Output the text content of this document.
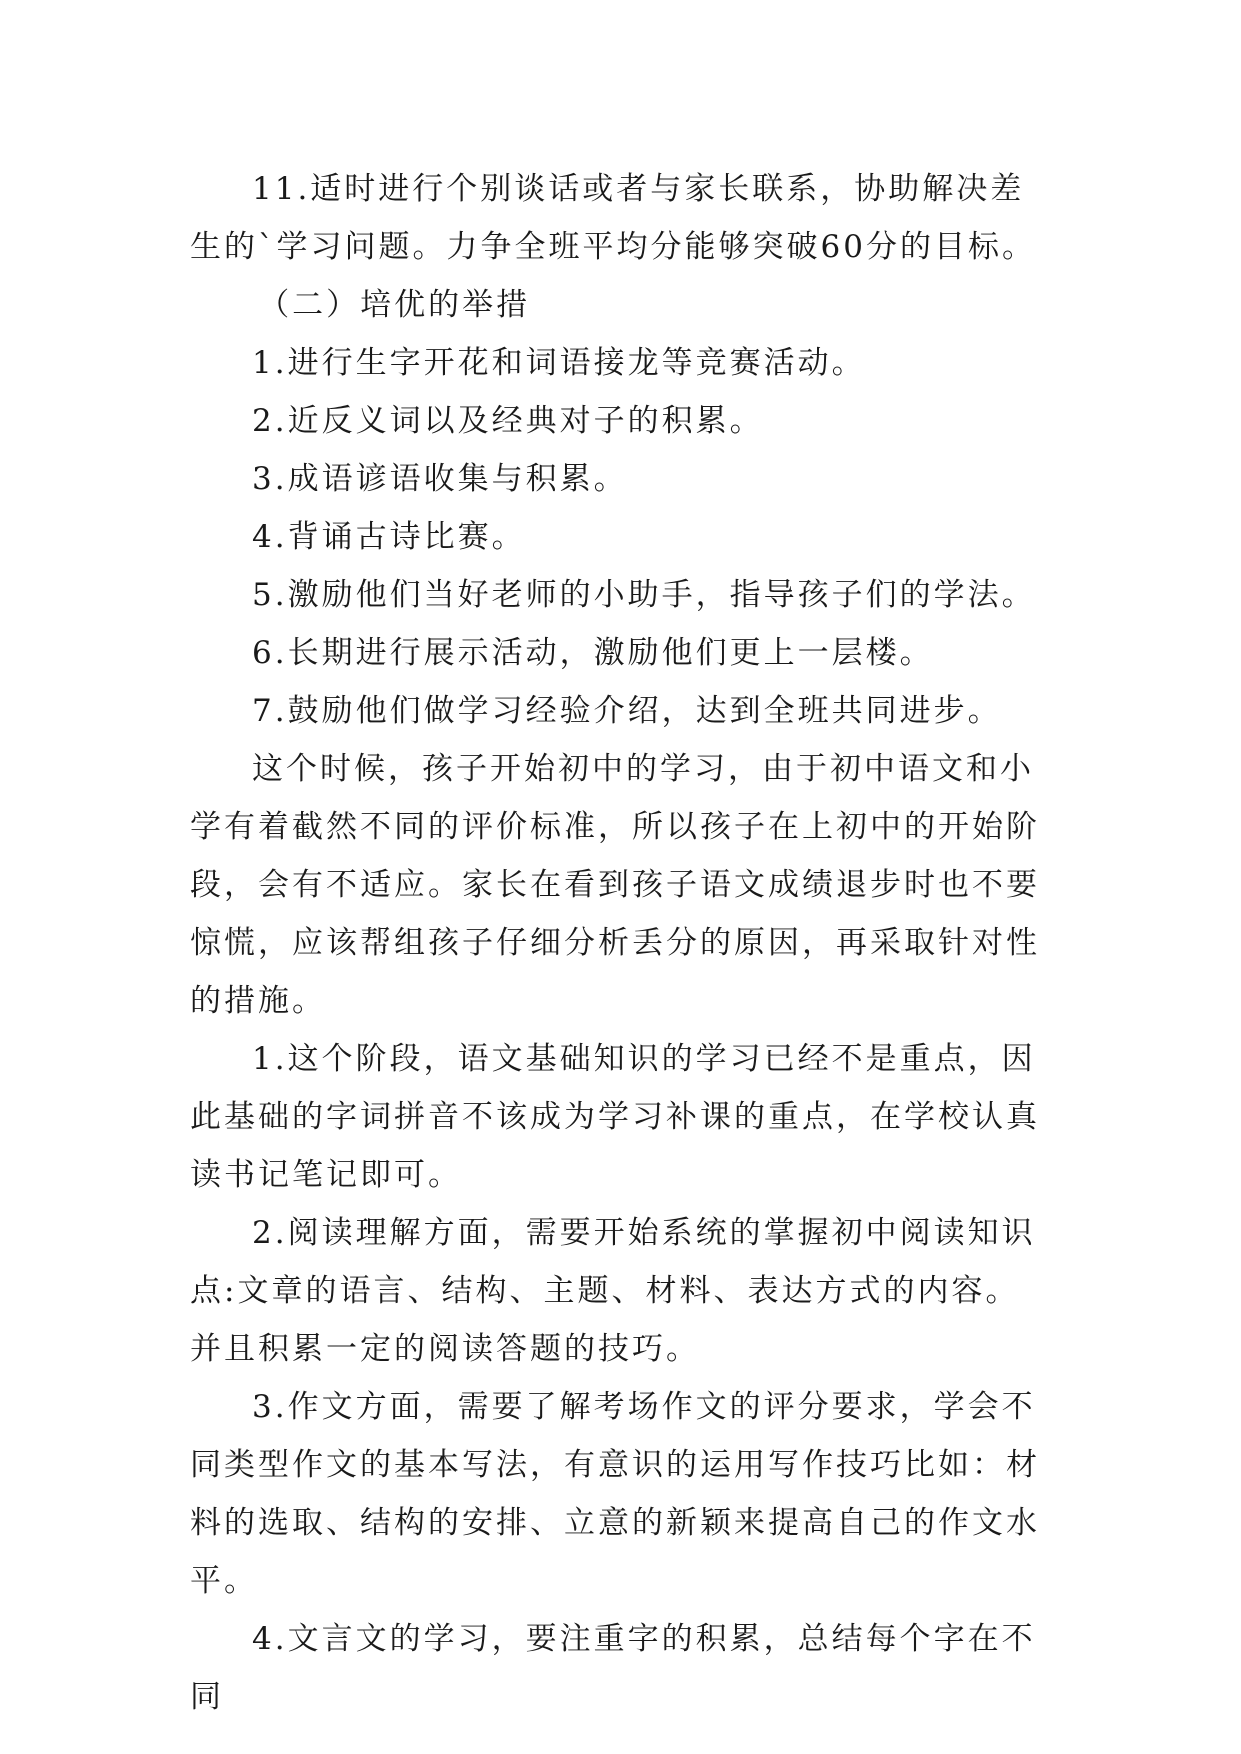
11.适时进行个别谈话或者与家长联系，协助解决差生的`学习问题。力争全班平均分能够突破60分的目标。

（二）培优的举措

1.进行生字开花和词语接龙等竞赛活动。

2.近反义词以及经典对子的积累。

3.成语谚语收集与积累。

4.背诵古诗比赛。

5.激励他们当好老师的小助手，指导孩子们的学法。

6.长期进行展示活动，激励他们更上一层楼。

7.鼓励他们做学习经验介绍，达到全班共同进步。

这个时候，孩子开始初中的学习，由于初中语文和小学有着截然不同的评价标准，所以孩子在上初中的开始阶段，会有不适应。家长在看到孩子语文成绩退步时也不要惊慌，应该帮组孩子仔细分析丢分的原因，再采取针对性的措施。

1.这个阶段，语文基础知识的学习已经不是重点，因此基础的字词拼音不该成为学习补课的重点，在学校认真读书记笔记即可。

2.阅读理解方面，需要开始系统的掌握初中阅读知识点:文章的语言、结构、主题、材料、表达方式的内容。并且积累一定的阅读答题的技巧。

3.作文方面，需要了解考场作文的评分要求，学会不同类型作文的基本写法，有意识的运用写作技巧比如：材料的选取、结构的安排、立意的新颖来提高自己的作文水平。

4.文言文的学习，要注重字的积累，总结每个字在不同
